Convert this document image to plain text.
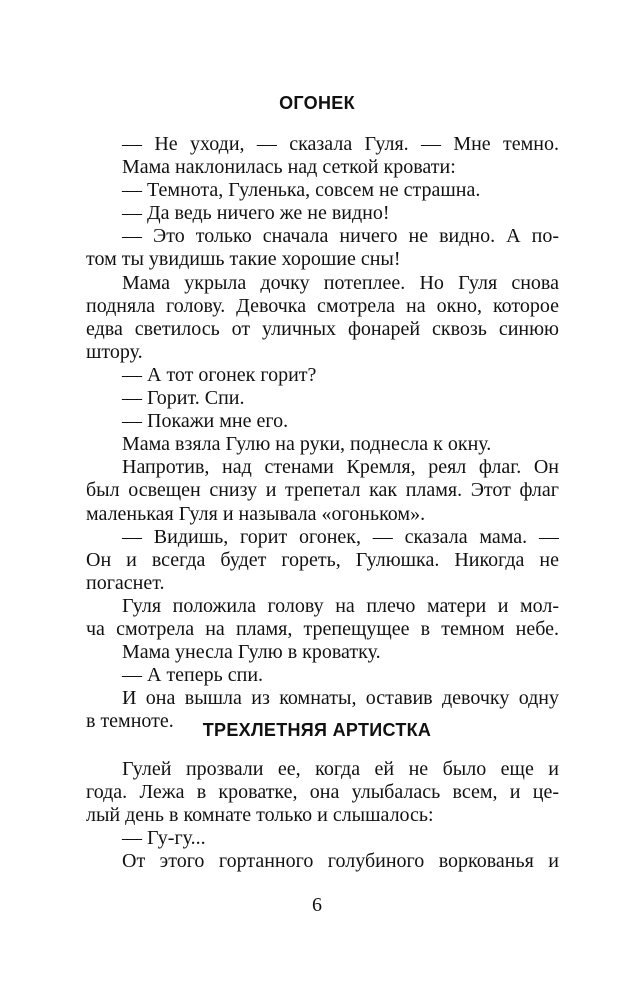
ОГОНЕК
— Не уходи, — сказала Гуля. — Мне темно.
Мама наклонилась над сеткой кровати:
— Темнота, Гуленька, совсем не страшна.
— Да ведь ничего же не видно!
— Это только сначала ничего не видно. А по-
том ты увидишь такие хорошие сны!
Мама укрыла дочку потеплее. Но Гуля снова
подняла голову. Девочка смотрела на окно, которое
едва светилось от уличных фонарей сквозь синюю
штору.
— А тот огонек горит?
— Горит. Спи.
— Покажи мне его.
Мама взяла Гулю на руки, поднесла к окну.
Напротив, над стенами Кремля, реял флаг. Он
был освещен снизу и трепетал как пламя. Этот флаг
маленькая Гуля и называла «огоньком».
— Видишь, горит огонек, — сказала мама. —
Он и всегда будет гореть, Гулюшка. Никогда не
погаснет.
Гуля положила голову на плечо матери и мол-
ча смотрела на пламя, трепещущее в темном небе.
Мама унесла Гулю в кроватку.
— А теперь спи.
И она вышла из комнаты, оставив девочку одну
в темноте.	ТРЕХЛЕТНЯЯ АРТИСТКА
Гулей прозвали ее, когда ей не было еще и
года. Лежа в кроватке, она улыбалась всем, и це-
лый день в комнате только и слышалось:
— Гу-гу...
От этого гортанного голубиного воркованья и
6
